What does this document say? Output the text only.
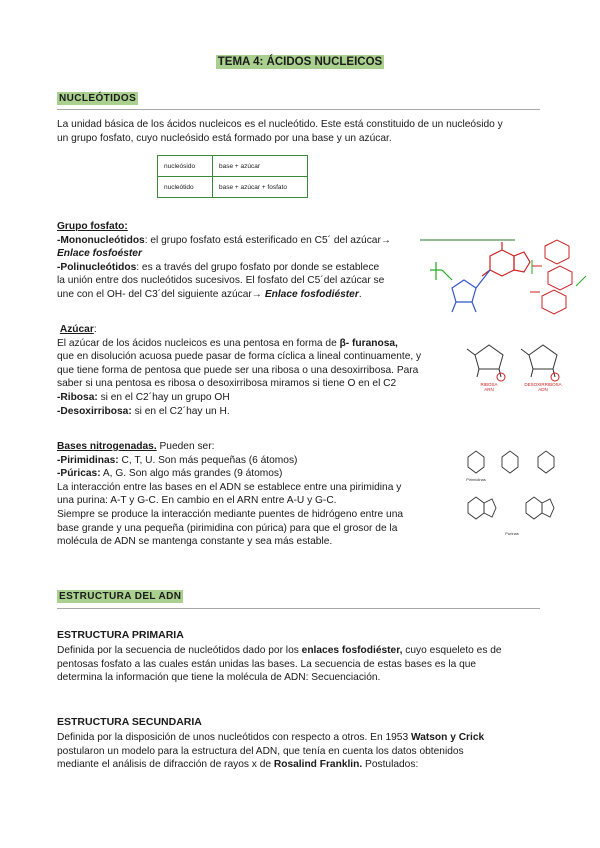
TEMA 4: ÁCIDOS NUCLEICOS
NUCLEÓTIDOS
La unidad básica de los ácidos nucleicos es el nucleótido. Este está constituido de un nucleósido y
un grupo fosfato, cuyo nucleósido está formado por una base y un azúcar.
nucleósido	base + azúcar
nucleótido	base + azúcar + fosfato
Grupo fosfato:
-Mononucleótidos: el grupo fosfato está esterificado en C5´ del azúcar→
Enlace fosfoéster
-Polinucleótidos: es a través del grupo fosfato por donde se establece
la unión entre dos nucleótidos sucesivos. El fosfato del C5´del azúcar se
une con el OH- del C3´del siguiente azúcar→ Enlace fosfodiéster.
Azúcar:
El azúcar de los ácidos nucleicos es una pentosa en forma de β- furanosa,
que en disolución acuosa puede pasar de forma cíclica a lineal continuamente, y
que tiene forma de pentosa que puede ser una ribosa o una desoxirribosa. Para
saber si una pentosa es ribosa o desoxirribosa miramos si tiene O en el C2
-Ribosa: si en el C2´hay un grupo OH
-Desoxirribosa: si en el C2´hay un H.
RIBOSA
ARN
DESOXIRRIBOSA
ADN
Bases nitrogenadas. Pueden ser:
-Pirimidinas: C, T, U. Son más pequeñas (6 átomos)
-Púricas: A, G. Son algo más grandes (9 átomos)
La interacción entre las bases en el ADN se establece entre una pirimidina y
una purina: A-T y G-C. En cambio en el ARN entre A-U y G-C.
Siempre se produce la interacción mediante puentes de hidrógeno entre una
base grande y una pequeña (pirimidina con púrica) para que el grosor de la
molécula de ADN se mantenga constante y sea más estable.
Pirimidinas
Purinas
ESTRUCTURA DEL ADN
ESTRUCTURA PRIMARIA
Definida por la secuencia de nucleótidos dado por los enlaces fosfodiéster, cuyo esqueleto es de
pentosas fosfato a las cuales están unidas las bases. La secuencia de estas bases es la que
determina la información que tiene la molécula de ADN: Secuenciación.
ESTRUCTURA SECUNDARIA
Definida por la disposición de unos nucleótidos con respecto a otros. En 1953 Watson y Crick
postularon un modelo para la estructura del ADN, que tenía en cuenta los datos obtenidos
mediante el análisis de difracción de rayos x de Rosalind Franklin. Postulados:
